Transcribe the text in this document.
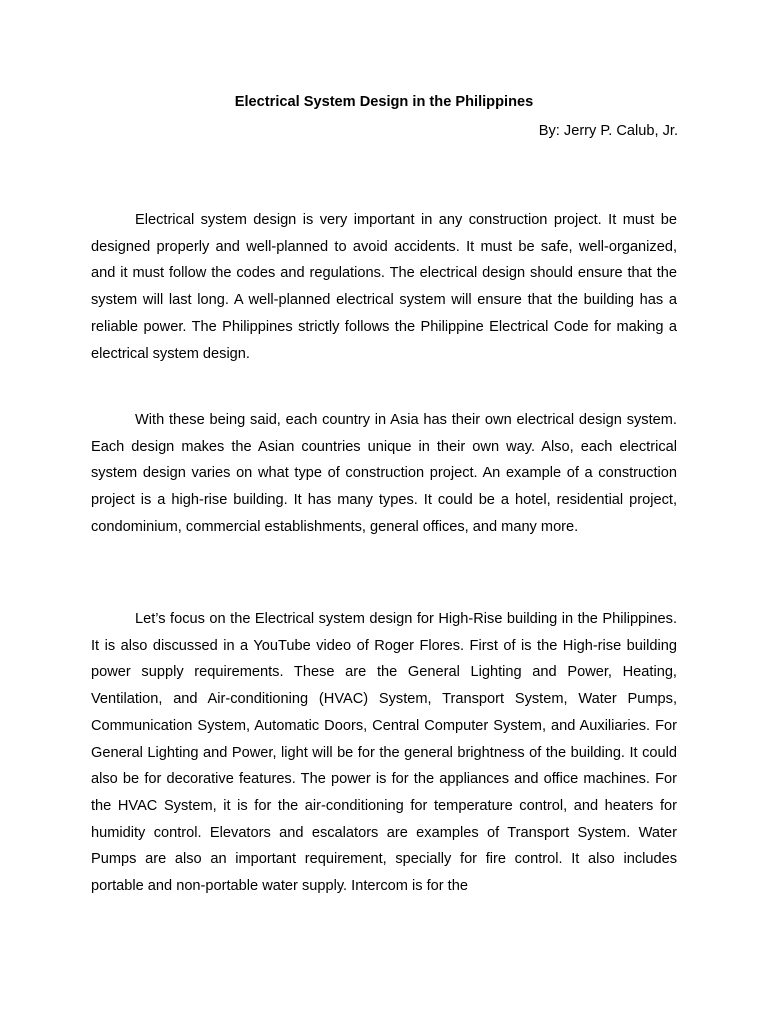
Electrical System Design in the Philippines
By: Jerry P. Calub, Jr.

Electrical system design is very important in any construction project. It must be designed properly and well-planned to avoid accidents. It must be safe, well-organized, and it must follow the codes and regulations. The electrical design should ensure that the system will last long. A well-planned electrical system will ensure that the building has a reliable power. The Philippines strictly follows the Philippine Electrical Code for making a electrical system design.

With these being said, each country in Asia has their own electrical design system. Each design makes the Asian countries unique in their own way. Also, each electrical system design varies on what type of construction project. An example of a construction project is a high-rise building. It has many types. It could be a hotel, residential project, condominium, commercial establishments, general offices, and many more.

Let’s focus on the Electrical system design for High-Rise building in the Philippines. It is also discussed in a YouTube video of Roger Flores. First of is the High-rise building power supply requirements. These are the General Lighting and Power, Heating, Ventilation, and Air-conditioning (HVAC) System, Transport System, Water Pumps, Communication System, Automatic Doors, Central Computer System, and Auxiliaries. For General Lighting and Power, light will be for the general brightness of the building. It could also be for decorative features. The power is for the appliances and office machines. For the HVAC System, it is for the air-conditioning for temperature control, and heaters for humidity control. Elevators and escalators are examples of Transport System. Water Pumps are also an important requirement, specially for fire control. It also includes portable and non-portable water supply. Intercom is for the
